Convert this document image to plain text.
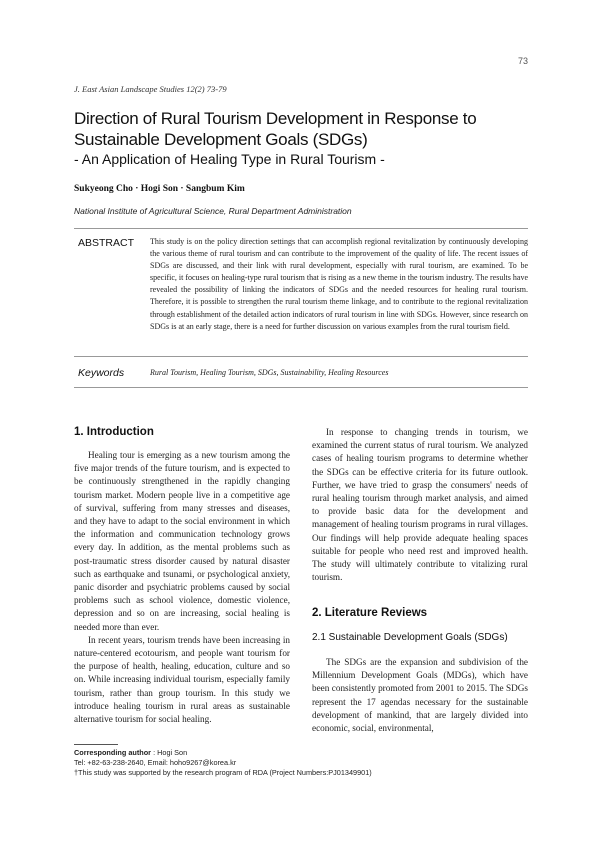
73
J. East Asian Landscape Studies 12(2) 73-79
Direction of Rural Tourism Development in Response to Sustainable Development Goals (SDGs)
- An Application of Healing Type in Rural Tourism -
Sukyeong Cho · Hogi Son · Sangbum Kim
National Institute of Agricultural Science, Rural Department Administration
ABSTRACT This study is on the policy direction settings that can accomplish regional revitalization by continuously developing the various theme of rural tourism and can contribute to the improvement of the quality of life. The recent issues of SDGs are discussed, and their link with rural development, especially with rural tourism, are examined. To be specific, it focuses on healing-type rural tourism that is rising as a new theme in the tourism industry. The results have revealed the possibility of linking the indicators of SDGs and the needed resources for healing rural tourism. Therefore, it is possible to strengthen the rural tourism theme linkage, and to contribute to the regional revitalization through establishment of the detailed action indicators of rural tourism in line with SDGs. However, since research on SDGs is at an early stage, there is a need for further discussion on various examples from the rural tourism field.
Keywords	Rural Tourism, Healing Tourism, SDGs, Sustainability, Healing Resources
1. Introduction

Healing tour is emerging as a new tourism among the five major trends of the future tourism, and is expected to be continuously strengthened in the rapidly changing tourism market. Modern people live in a competitive age of survival, suffering from many stresses and diseases, and they have to adapt to the social environment in which the information and communication technology grows every day. In addition, as the mental problems such as post-traumatic stress disorder caused by natural disaster such as earthquake and tsunami, or psychological anxiety, panic disorder and psychiatric problems caused by social problems such as school violence, domestic violence, depression and so on are increasing, social healing is needed more than ever.

In recent years, tourism trends have been increasing in nature-centered ecotourism, and people want tourism for the purpose of health, healing, education, culture and so on. While increasing individual tourism, especially family tourism, rather than group tourism. In this study we introduce healing tourism in rural areas as sustainable alternative tourism for social healing.

In response to changing trends in tourism, we examined the current status of rural tourism. We analyzed cases of healing tourism programs to determine whether the SDGs can be effective criteria for its future outlook. Further, we have tried to grasp the consumers' needs of rural healing tourism through market analysis, and aimed to provide basic data for the development and management of healing tourism programs in rural villages. Our findings will help provide adequate healing spaces suitable for people who need rest and improved health. The study will ultimately contribute to vitalizing rural tourism.

2. Literature Reviews
2.1 Sustainable Development Goals (SDGs)

The SDGs are the expansion and subdivision of the Millennium Development Goals (MDGs), which have been consistently promoted from 2001 to 2015. The SDGs represent the 17 agendas necessary for the sustainable development of mankind, that are largely divided into economic, social, environmental,

Corresponding author : Hogi Son
Tel: +82-63-238-2640, Email: hoho9267@korea.kr
†This study was supported by the research program of RDA (Project Numbers:PJ01349901)
